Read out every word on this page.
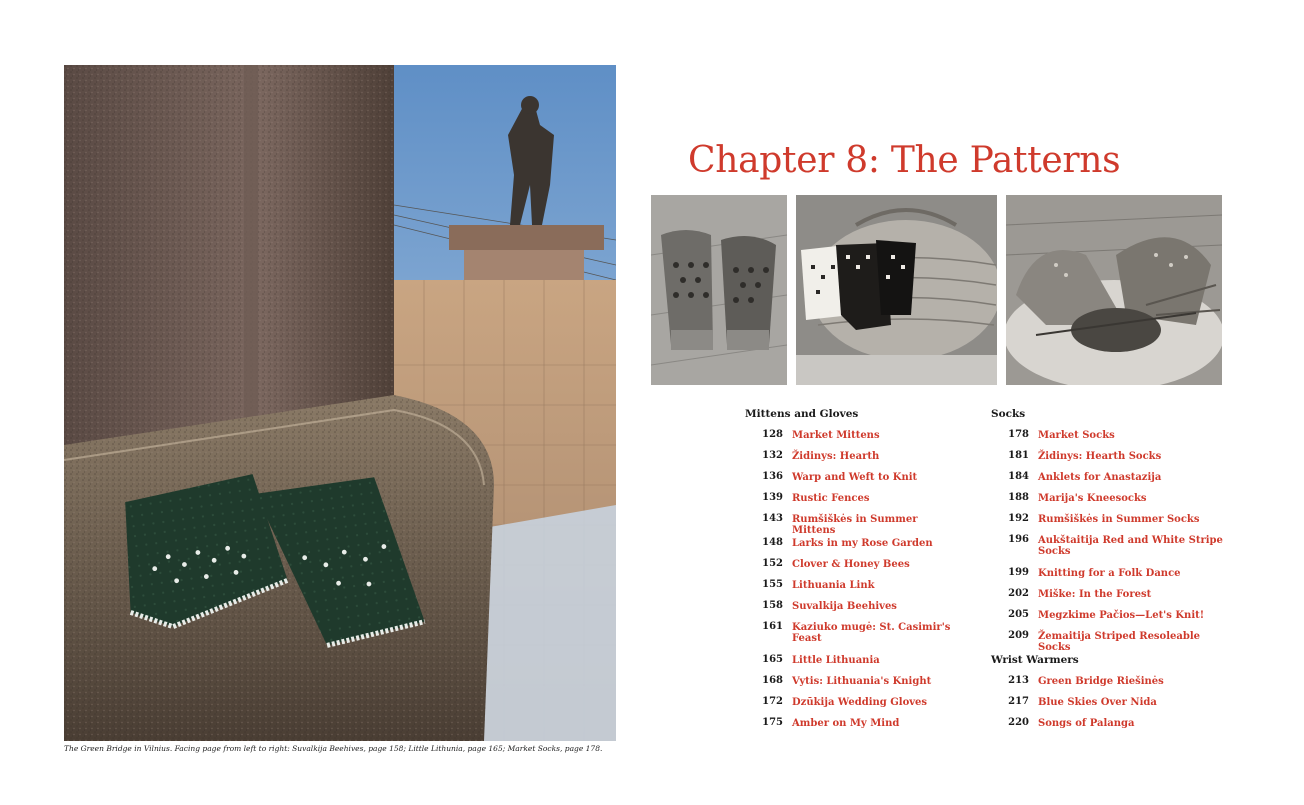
The Green Bridge in Vilnius. Facing page from left to right: Suvalkija Beehives, page 158; Little Lithunia, page 165; Market Socks, page 178.
Chapter 8: The Patterns
Mittens and Gloves
128 Market Mittens
132 Židinys: Hearth
136 Warp and Weft to Knit
139 Rustic Fences
143 Rumšiškės in Summer Mittens
148 Larks in my Rose Garden
152 Clover & Honey Bees
155 Lithuania Link
158 Suvalkija Beehives
161 Kaziuko mugė: St. Casimir's Feast
165 Little Lithuania
168 Vytis: Lithuania's Knight
172 Dzūkija Wedding Gloves
175 Amber on My Mind
Socks
178 Market Socks
181 Židinys: Hearth Socks
184 Anklets for Anastazija
188 Marija's Kneesocks
192 Rumšiškės in Summer Socks
196 Aukštaitija Red and White Stripe Socks
199 Knitting for a Folk Dance
202 Miške: In the Forest
205 Megzkime Pačios—Let's Knit!
209 Žemaitija Striped Resoleable Socks
Wrist Warmers
213 Green Bridge Riešinės
217 Blue Skies Over Nida
220 Songs of Palanga
